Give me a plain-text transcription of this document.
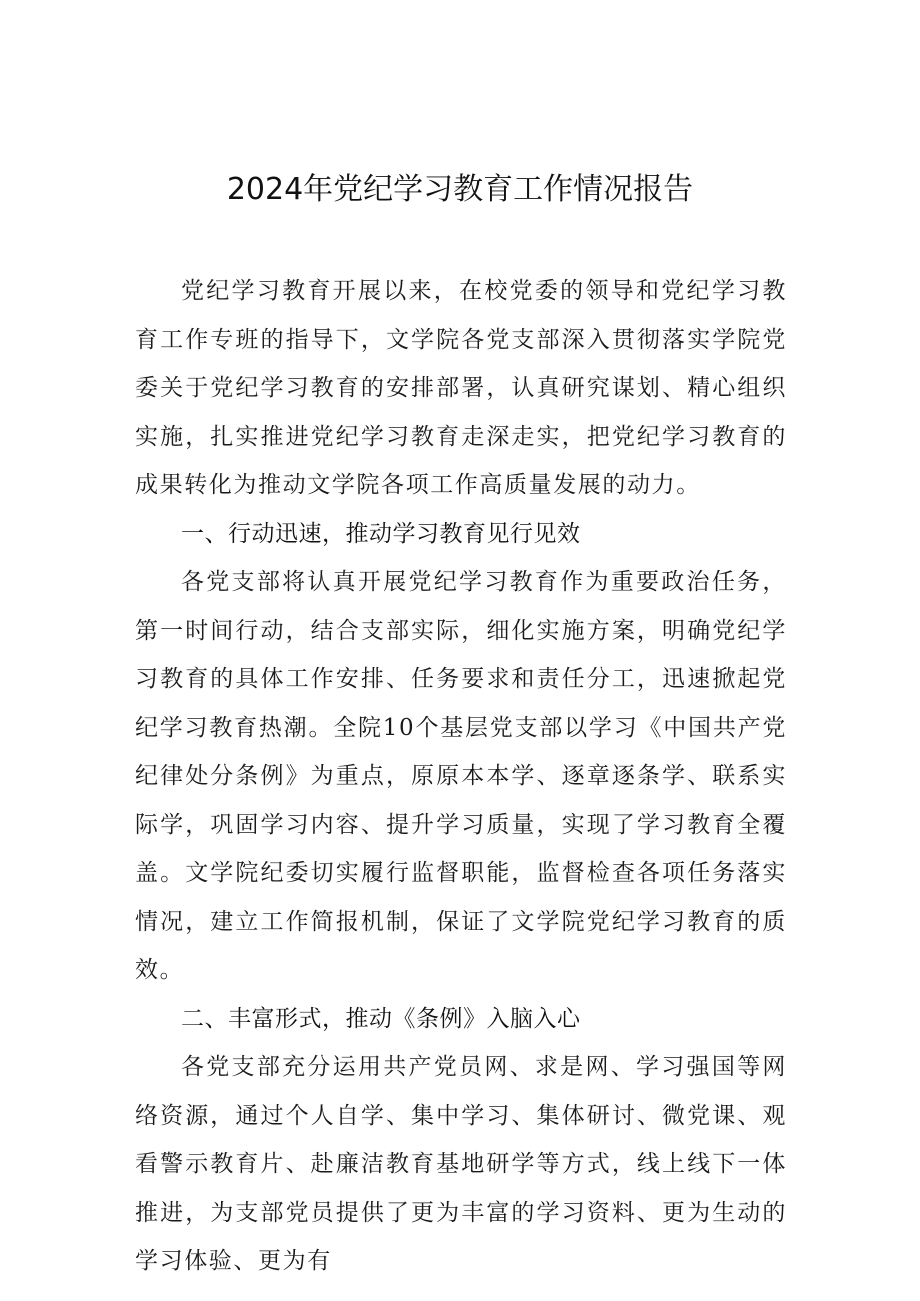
2024年党纪学习教育工作情况报告

党纪学习教育开展以来，在校党委的领导和党纪学习教育工作专班的指导下，文学院各党支部深入贯彻落实学院党委关于党纪学习教育的安排部署，认真研究谋划、精心组织实施，扎实推进党纪学习教育走深走实，把党纪学习教育的成果转化为推动文学院各项工作高质量发展的动力。

一、行动迅速，推动学习教育见行见效

各党支部将认真开展党纪学习教育作为重要政治任务，第一时间行动，结合支部实际，细化实施方案，明确党纪学习教育的具体工作安排、任务要求和责任分工，迅速掀起党纪学习教育热潮。全院10个基层党支部以学习《中国共产党纪律处分条例》为重点，原原本本学、逐章逐条学、联系实际学，巩固学习内容、提升学习质量，实现了学习教育全覆盖。文学院纪委切实履行监督职能，监督检查各项任务落实情况，建立工作简报机制，保证了文学院党纪学习教育的质效。

二、丰富形式，推动《条例》入脑入心

各党支部充分运用共产党员网、求是网、学习强国等网络资源，通过个人自学、集中学习、集体研讨、微党课、观看警示教育片、赴廉洁教育基地研学等方式，线上线下一体推进，为支部党员提供了更为丰富的学习资料、更为生动的学习体验、更为有
